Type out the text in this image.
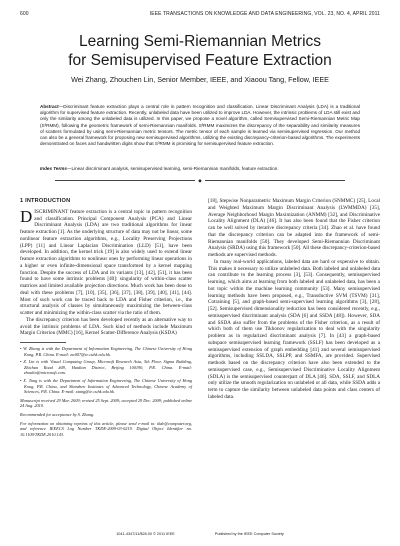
600	IEEE TRANSACTIONS ON KNOWLEDGE AND DATA ENGINEERING, VOL. 23, NO. 4, APRIL 2011
Learning Semi-Riemannian Metrics
for Semisupervised Feature Extraction
Wei Zhang, Zhouchen Lin, Senior Member, IEEE, and Xiaoou Tang, Fellow, IEEE
Abstract—Discriminant feature extraction plays a central role in pattern recognition and classification. Linear Discriminant Analysis (LDA) is a traditional algorithm for supervised feature extraction. Recently, unlabeled data have been utilized to improve LDA. However, the intrinsic problems of LDA still exist and only the similarity among the unlabeled data is utilized. In this paper, we propose a novel algorithm, called Semisupervised Semi-Riemannian Metric Map (S³RMM), following the geometric framework of semi-Riemannian manifolds. S³RMM maximizes the discrepancy of the separability and similarity measures of scatters formulated by using semi-Riemannian metric tensors. The metric tensor of each sample is learned via semisupervised regression. Our method can also be a general framework for proposing new semisupervised algorithms, utilizing the existing discrepancy-criterion-based algorithms. The experiments demonstrated on faces and handwritten digits show that S³RMM is promising for semisupervised feature extraction.
Index Terms—Linear discriminant analysis, semisupervised learning, semi-Riemannian manifolds, feature extraction.
◆
1 INTRODUCTION

DISCRIMINANT feature extraction is a central topic in pattern recognition and classification. Principal Component Analysis (PCA) and Linear Discriminant Analysis (LDA) are two traditional algorithms for linear feature extraction [1]. As the underlying structure of data may not be linear, some nonlinear feature extraction algorithms, e.g., Locality Preserving Projections (LPP) [11] and Linear Laplacian Discrimination (LLD) [51], have been developed. In addition, the kernel trick [19] is also widely used to extend linear feature extraction algorithms to nonlinear ones by performing linear operations in a higher or even infinite-dimensional space transformed by a kernel mapping function. Despite the success of LDA and its variants [13], [42], [51], it has been found to have some intrinsic problems [40]: singularity of within-class scatter matrices and limited available projection directions. Much work has been done to deal with these problems [7], [10], [35], [36], [37], [38], [39], [40], [41], [44]. Most of such work can be traced back to LDA and Fisher criterion, i.e., the structural analysis of classes by simultaneously maximizing the between-class scatter and minimizing the within-class scatter via the ratio of them.

The discrepancy criterion has been developed recently as an alternative way to avoid the intrinsic problems of LDA. Such kind of methods include Maximum Margin Criterion (MMC) [16], Kernel Scatter-Difference Analysis (KSDA)

• W. Zhang is with the Department of Information Engineering, The Chinese University of Hong Kong, P.R. China. E-mail: zw007@ie.cuhk.edu.hk.

• Z. Lin is with Visual Computing Group, Microsoft Research Asia, 5th Floor, Sigma Building, Zhichun Road #49, Haidian District, Beijing 100190, P.R. China. E-mail: zhoulin@microsoft.com.

• X. Tang is with the Department of Information Engineering, The Chinese University of Hong Kong, P.R. China, and Shenzhen Institutes of Advanced Technology, Chinese Academy of Sciences, P.R. China. E-mail: xtang@ie.cuhk.edu.hk.

Manuscript received 29 Mar. 2009; revised 25 Sept. 2009; accepted 29 Dec. 2009; published online 24 Aug. 2010.

Recommended for acceptance by S. Zhang.

For information on obtaining reprints of this article, please send e-mail to: tkde@computer.org, and reference IEEECS Log Number TKDE-2009-03-0219. Digital Object Identifier no. 10.1109/TKDE.2010.143.

[18], Stepwise Nonparametric Maximum Margin Criterion (SNMMC) [25], Local and Weighted Maximum Margin Discriminant Analysis (LWMMDA) [35], Average Neighborhood Margin Maximization (ANMM) [32], and Discriminative Locality Alignment (DLA) [46]. It has also been found that the Fisher criterion can be well solved by iterative discrepancy criteria [34]. Zhao et al. have found that the discrepancy criterion can be adapted into the framework of semi-Riemannian manifolds [50]. They developed Semi-Riemannian Discriminant Analysis (SRDA) using this framework [50]. All these discrepancy-criterion-based methods are supervised methods.

In many real-world applications, labeled data are hard or expensive to obtain. This makes it necessary to utilize unlabeled data. Both labeled and unlabeled data can contribute to the learning process [3], [53]. Consequently, semisupervised learning, which aims at learning from both labeled and unlabeled data, has been a hot topic within the machine learning community [53]. Many semisupervised learning methods have been proposed, e.g., Transductive SVM (TSVM) [31], Cotraining [5], and graph-based semi-supervised learning algorithms [3], [28], [52]. Semisupervised dimensionality reduction has been considered recently, e.g., semisupervised discriminant analysis (SDA [6] and SSDA [48]). However, SDA and SSDA also suffer from the problems of the Fisher criterion, as a result of which both of them use Tikhonov regularization to deal with the singularity problem as in regularized discriminant analysis [7]. In [43] a graph-based subspace semisupervised learning framework (SSLF) has been developed as a semisupervised extension of graph embedding [41] and several semisupervised algorithms, including SSLDA, SSLPP, and SSMFA, are provided. Supervised methods based on the discrepancy criterion have also been extended to the semisupervised case, e.g., Semisupervised Discriminative Locality Alignment (SDLA) is the semisupervised counterpart of DLA [46]. SDA, SSLF, and SDLA only utilize the smooth regularization on unlabeled or all data, while SSDA adds a term to capture the similarity between unlabeled data points and class centers of labeled data.

1041-4347/11/$26.00 © 2011 IEEE	Published by the IEEE Computer Society
